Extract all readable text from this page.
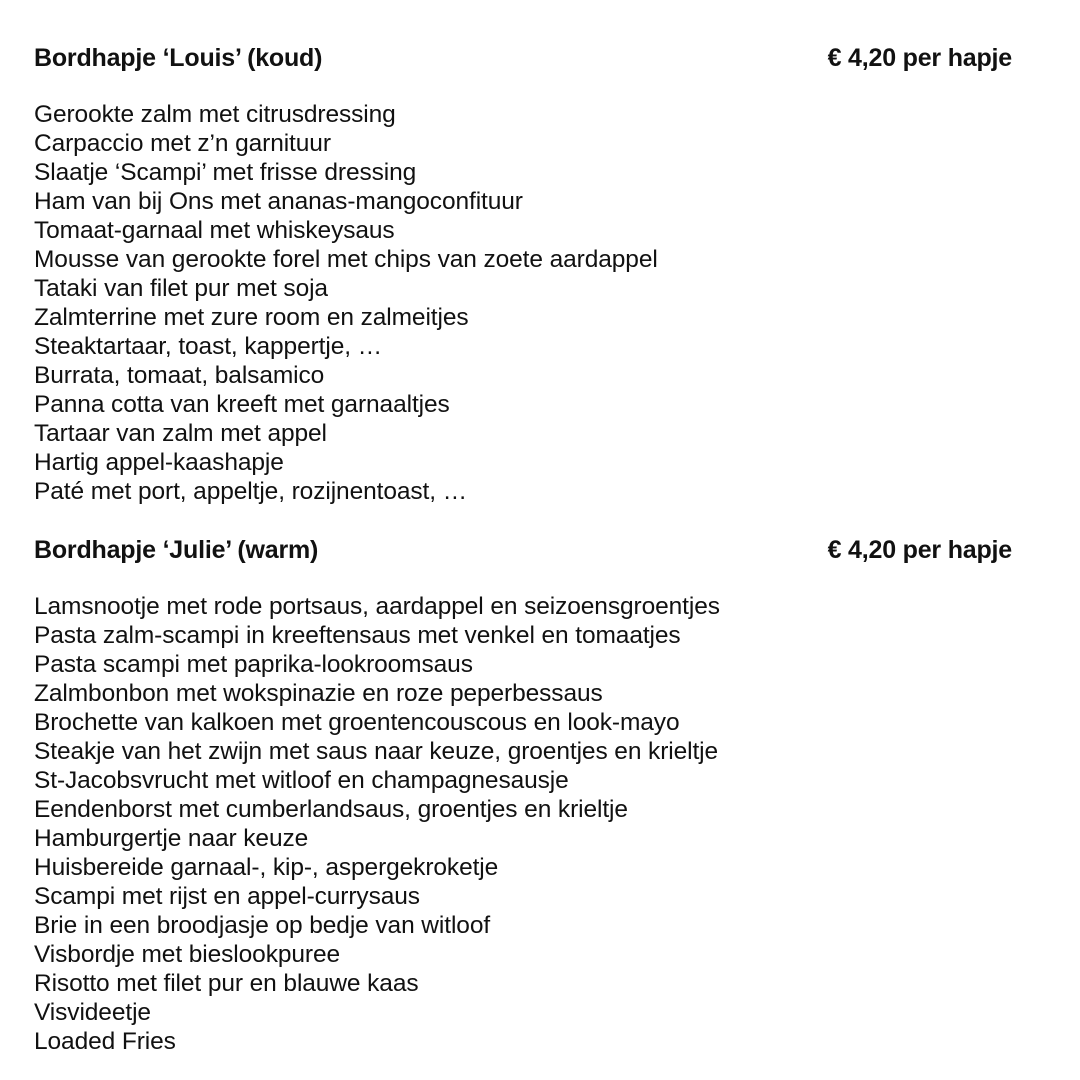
Bordhapje ‘Louis’ (koud)	€ 4,20 per hapje
Gerookte zalm met citrusdressing
Carpaccio met z’n garnituur
Slaatje ‘Scampi’ met frisse dressing
Ham van bij Ons met ananas-mangoconfituur
Tomaat-garnaal met whiskeysaus
Mousse van gerookte forel met chips van zoete aardappel
Tataki van filet pur met soja
Zalmterrine met zure room en zalmeitjes
Steaktartaar, toast, kappertje, …
Burrata, tomaat, balsamico
Panna cotta van kreeft met garnaaltjes
Tartaar van zalm met appel
Hartig appel-kaashapje
Paté met port, appeltje, rozijnentoast, …
Bordhapje ‘Julie’ (warm)	€ 4,20 per hapje
Lamsnootje met rode portsaus, aardappel en seizoensgroentjes
Pasta zalm-scampi in kreeftensaus met venkel en tomaatjes
Pasta scampi met paprika-lookroomsaus
Zalmbonbon met wokspinazie en roze peperbessaus
Brochette van kalkoen met groentencouscous en look-mayo
Steakje van het zwijn met saus naar keuze, groentjes en krieltje
St-Jacobsvrucht met witloof en champagnesausje
Eendenborst met cumberlandsaus, groentjes en krieltje
Hamburgertje naar keuze
Huisbereide garnaal-, kip-, aspergekroketje
Scampi met rijst en appel-currysaus
Brie in een broodjasje op bedje van witloof
Visbordje met bieslookpuree
Risotto met filet pur en blauwe kaas
Visvideetje
Loaded Fries
